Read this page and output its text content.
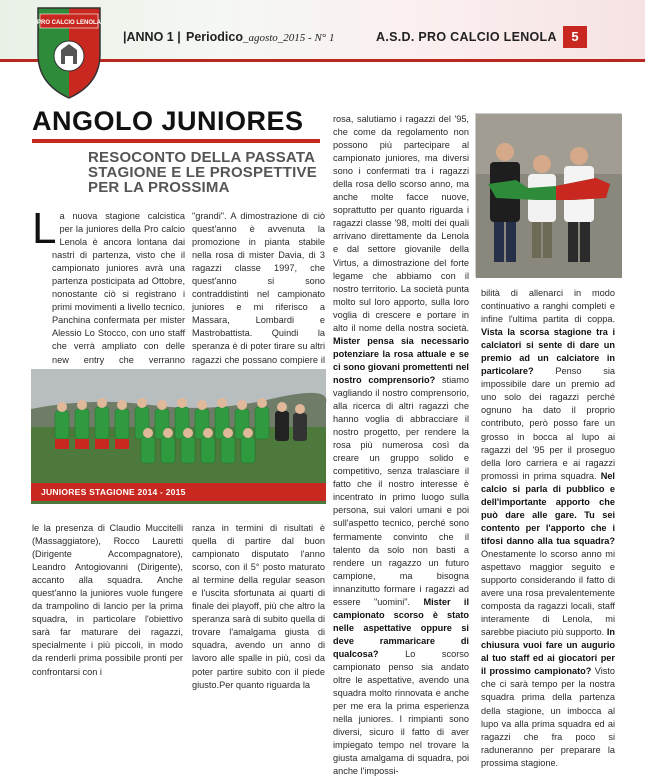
PRO CALCIO LENOLA
|ANNO 1 | Periodico_agosto_2015 - N° 1	A.S.D. PRO CALCIO LENOLA	5
ANGOLO JUNIORES
RESOCONTO DELLA PASSATA STAGIONE E LE PROSPETTIVE PER LA PROSSIMA

La nuova stagione calcistica per la juniores della Pro calcio Lenola è ancora lontana dai nastri di partenza, visto che il campionato juniores avrà una partenza posticipata ad Ottobre, nonostante ciò si registrano i primi movimenti a livello tecnico. Panchina confermata per mister Alessio Lo Stocco, con uno staff che verrà ampliato con delle new entry che verranno

"grandi". A dimostrazione di ciò quest'anno è avvenuta la promozione in pianta stabile nella rosa di mister Davia, di 3 ragazzi classe 1997, che quest'anno si sono contraddistinti nel campionato juniores e mi riferisco a Massara, Lombardi e Mastrobattista. Quindi la speranza è di poter tirare su altri ragazzi che possano compiere il

JUNIORES STAGIONE 2014 - 2015

le la presenza di Claudio Muccitelli (Massaggiatore), Rocco Lauretti (Dirigente Accompagnatore), Leandro Antogiovanni (Dirigente), accanto alla squadra. Anche quest'anno la juniores vuole fungere da trampolino di lancio per la prima squadra, in particolare l'obiettivo sarà far maturare dei ragazzi, specialmente i più piccoli, in modo da renderli prima possibile pronti per confrontarsi con i

ranza in termini di risultati è quella di partire dal buon campionato disputato l'anno scorso, con il 5° posto maturato al termine della regular season e l'uscita sfortunata ai quarti di finale dei playoff, più che altro la speranza sarà di subito quella di trovare l'amalgama giusta di squadra, avendo un anno di lavoro alle spalle in più, così da poter partire subito con il piede giusto.Per quanto riguarda la

rosa, salutiamo i ragazzi del '95, che come da regolamento non possono più partecipare al campionato juniores, ma diversi sono i confermati tra i ragazzi della rosa dello scorso anno, ma anche molte facce nuove, soprattutto per quanto riguarda i ragazzi classe '98, molti dei quali arrivano direttamente da Lenola e dal settore giovanile della Virtus, a dimostrazione del forte legame che abbiamo con il nostro territorio. La società punta molto sul loro apporto, sulla loro voglia di crescere e portare in alto il nome della nostra società. Mister pensa sia necessario potenziare la rosa attuale e se ci sono giovani promettenti nel nostro comprensorio? stiamo vagliando il nostro comprensorio, alla ricerca di altri ragazzi che hanno voglia di abbracciare il nostro progetto, per rendere la rosa più numerosa così da creare un gruppo solido e competitivo, senza tralasciare il fatto che il nostro interesse è incentrato in primo luogo sulla persona, sui valori umani e poi sull'aspetto tecnico, perché sono fermamente convinto che il talento da solo non basti a rendere un ragazzo un futuro campione, ma bisogna innanzitutto formare i ragazzi ad essere "uomini". Mister il campionato scorso è stato nelle aspettative oppure si deve rammaricare di qualcosa?	Lo scorso campionato penso sia andato oltre le aspettative, avendo una squadra molto rinnovata e anche per me era la prima esperienza nella juniores. I rimpianti sono diversi, sicuro il fatto di aver impiegato tempo nel trovare la giusta amalgama di squadra, poi anche l'impossi-

bilità di allenarci in modo continuativo a ranghi completi e infine l'ultima partita di coppa. Vista la scorsa stagione tra i calciatori si sente di dare un premio ad un calciatore in particolare? Penso sia impossibile dare un premio ad uno solo dei ragazzi perché ognuno ha dato il proprio contributo, però posso fare un grosso in bocca al lupo ai ragazzi del '95 per il proseguo della loro carriera e ai ragazzi promossi in prima squadra. Nel calcio si parla di pubblico e dell'importante apporto che può dare alle gare. Tu sei contento per l'apporto che i tifosi danno alla tua squadra? Onestamente lo scorso anno mi aspettavo maggior seguito e supporto considerando il fatto di avere una rosa prevalentemente composta da ragazzi locali, staff interamente di Lenola, mi sarebbe piaciuto più supporto. In chiusura vuoi fare un augurio al tuo staff ed ai giocatori per il prossimo campionato? Visto che ci sarà tempo per la nostra squadra prima della partenza della stagione, un imbocca al lupo va alla prima squadra ed ai ragazzi che fra poco si raduneranno per preparare la prossima stagione.
